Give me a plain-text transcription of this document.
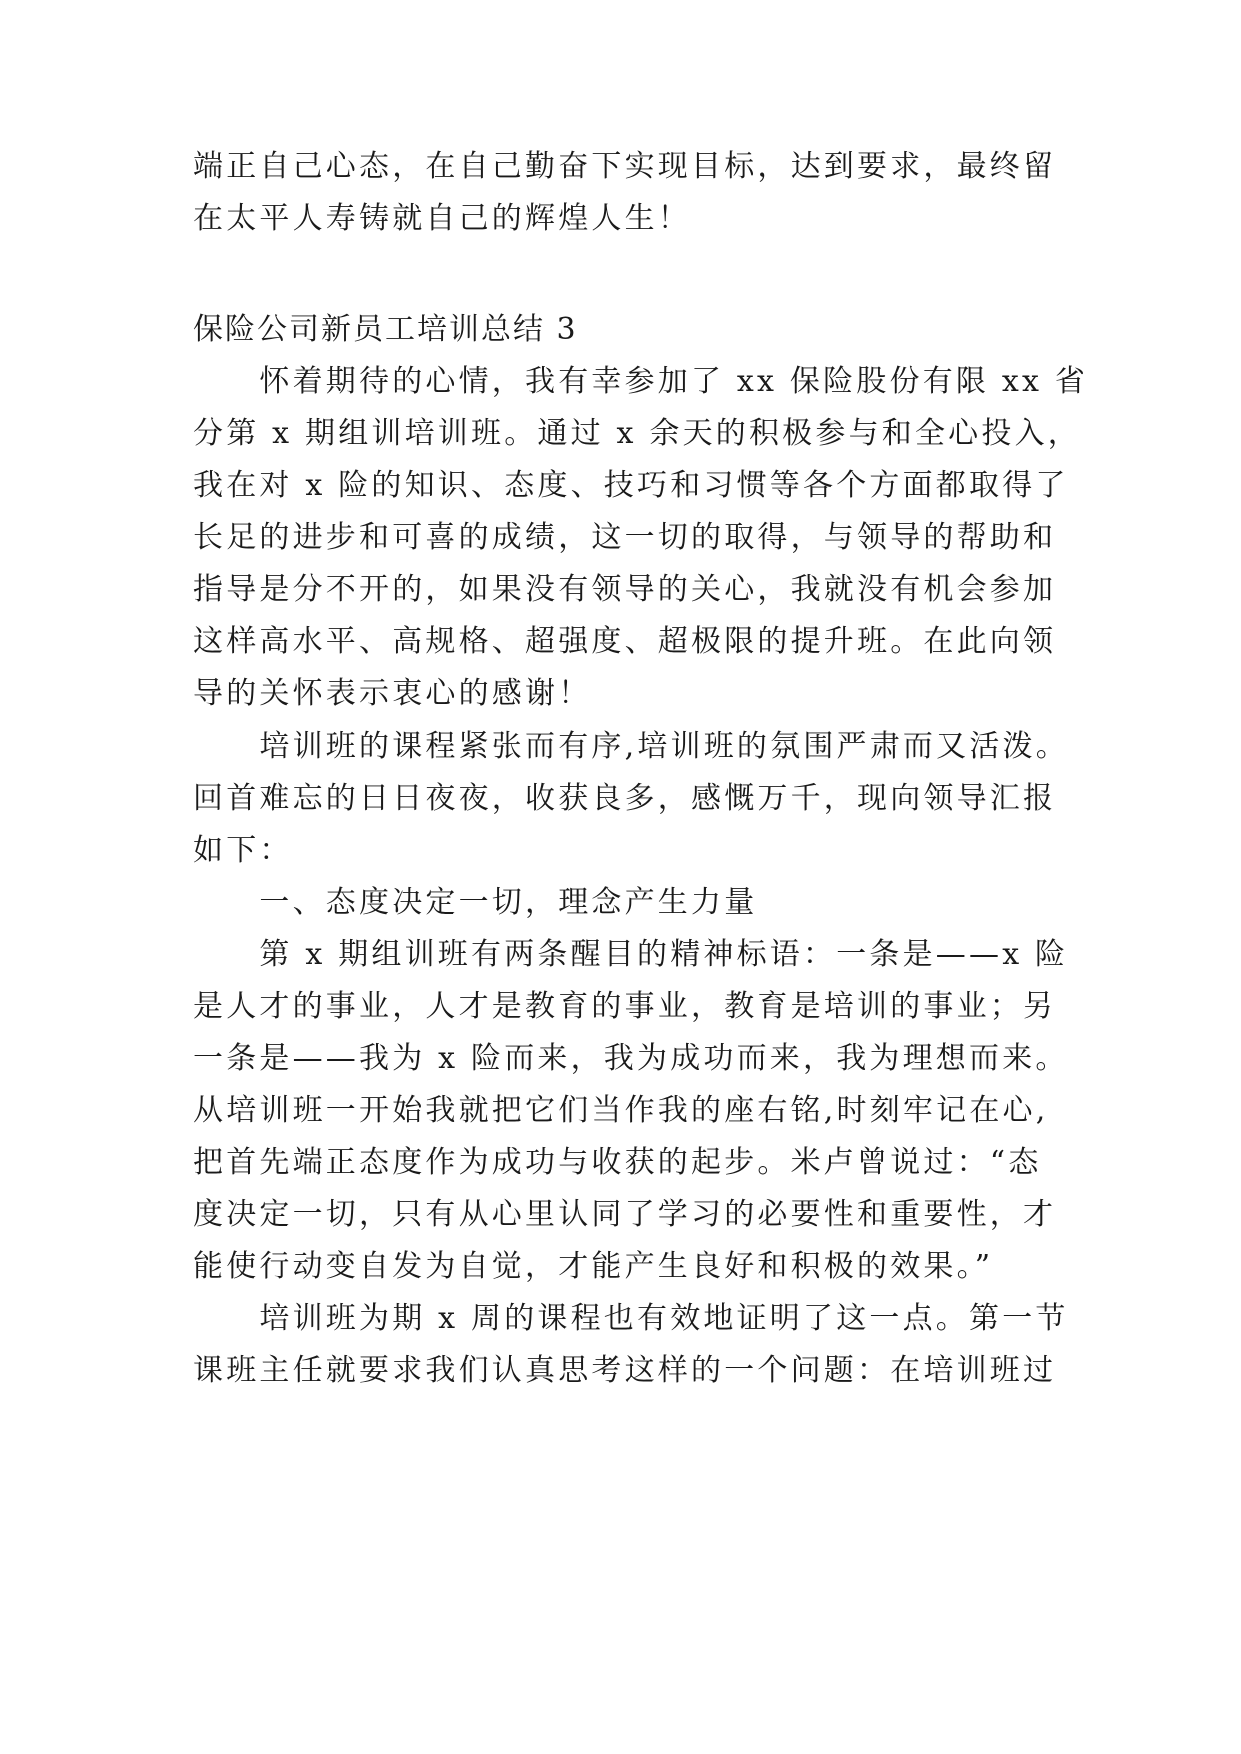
端正自己心态，在自己勤奋下实现目标，达到要求，最终留
在太平人寿铸就自己的辉煌人生！
保险公司新员工培训总结 3
　　怀着期待的心情，我有幸参加了 xx 保险股份有限 xx 省
分第 x 期组训培训班。通过 x 余天的积极参与和全心投入，
我在对 x 险的知识、态度、技巧和习惯等各个方面都取得了
长足的进步和可喜的成绩，这一切的取得，与领导的帮助和
指导是分不开的，如果没有领导的关心，我就没有机会参加
这样高水平、高规格、超强度、超极限的提升班。在此向领
导的关怀表示衷心的感谢！
　　培训班的课程紧张而有序,培训班的氛围严肃而又活泼。
回首难忘的日日夜夜，收获良多，感慨万千，现向领导汇报
如下：
　　一、态度决定一切，理念产生力量
　　第 x 期组训班有两条醒目的精神标语：一条是——x 险
是人才的事业，人才是教育的事业，教育是培训的事业；另
一条是——我为 x 险而来，我为成功而来，我为理想而来。
从培训班一开始我就把它们当作我的座右铭,时刻牢记在心,
把首先端正态度作为成功与收获的起步。米卢曾说过：“态
度决定一切，只有从心里认同了学习的必要性和重要性，才
能使行动变自发为自觉，才能产生良好和积极的效果。”
　　培训班为期 x 周的课程也有效地证明了这一点。第一节
课班主任就要求我们认真思考这样的一个问题：在培训班过
